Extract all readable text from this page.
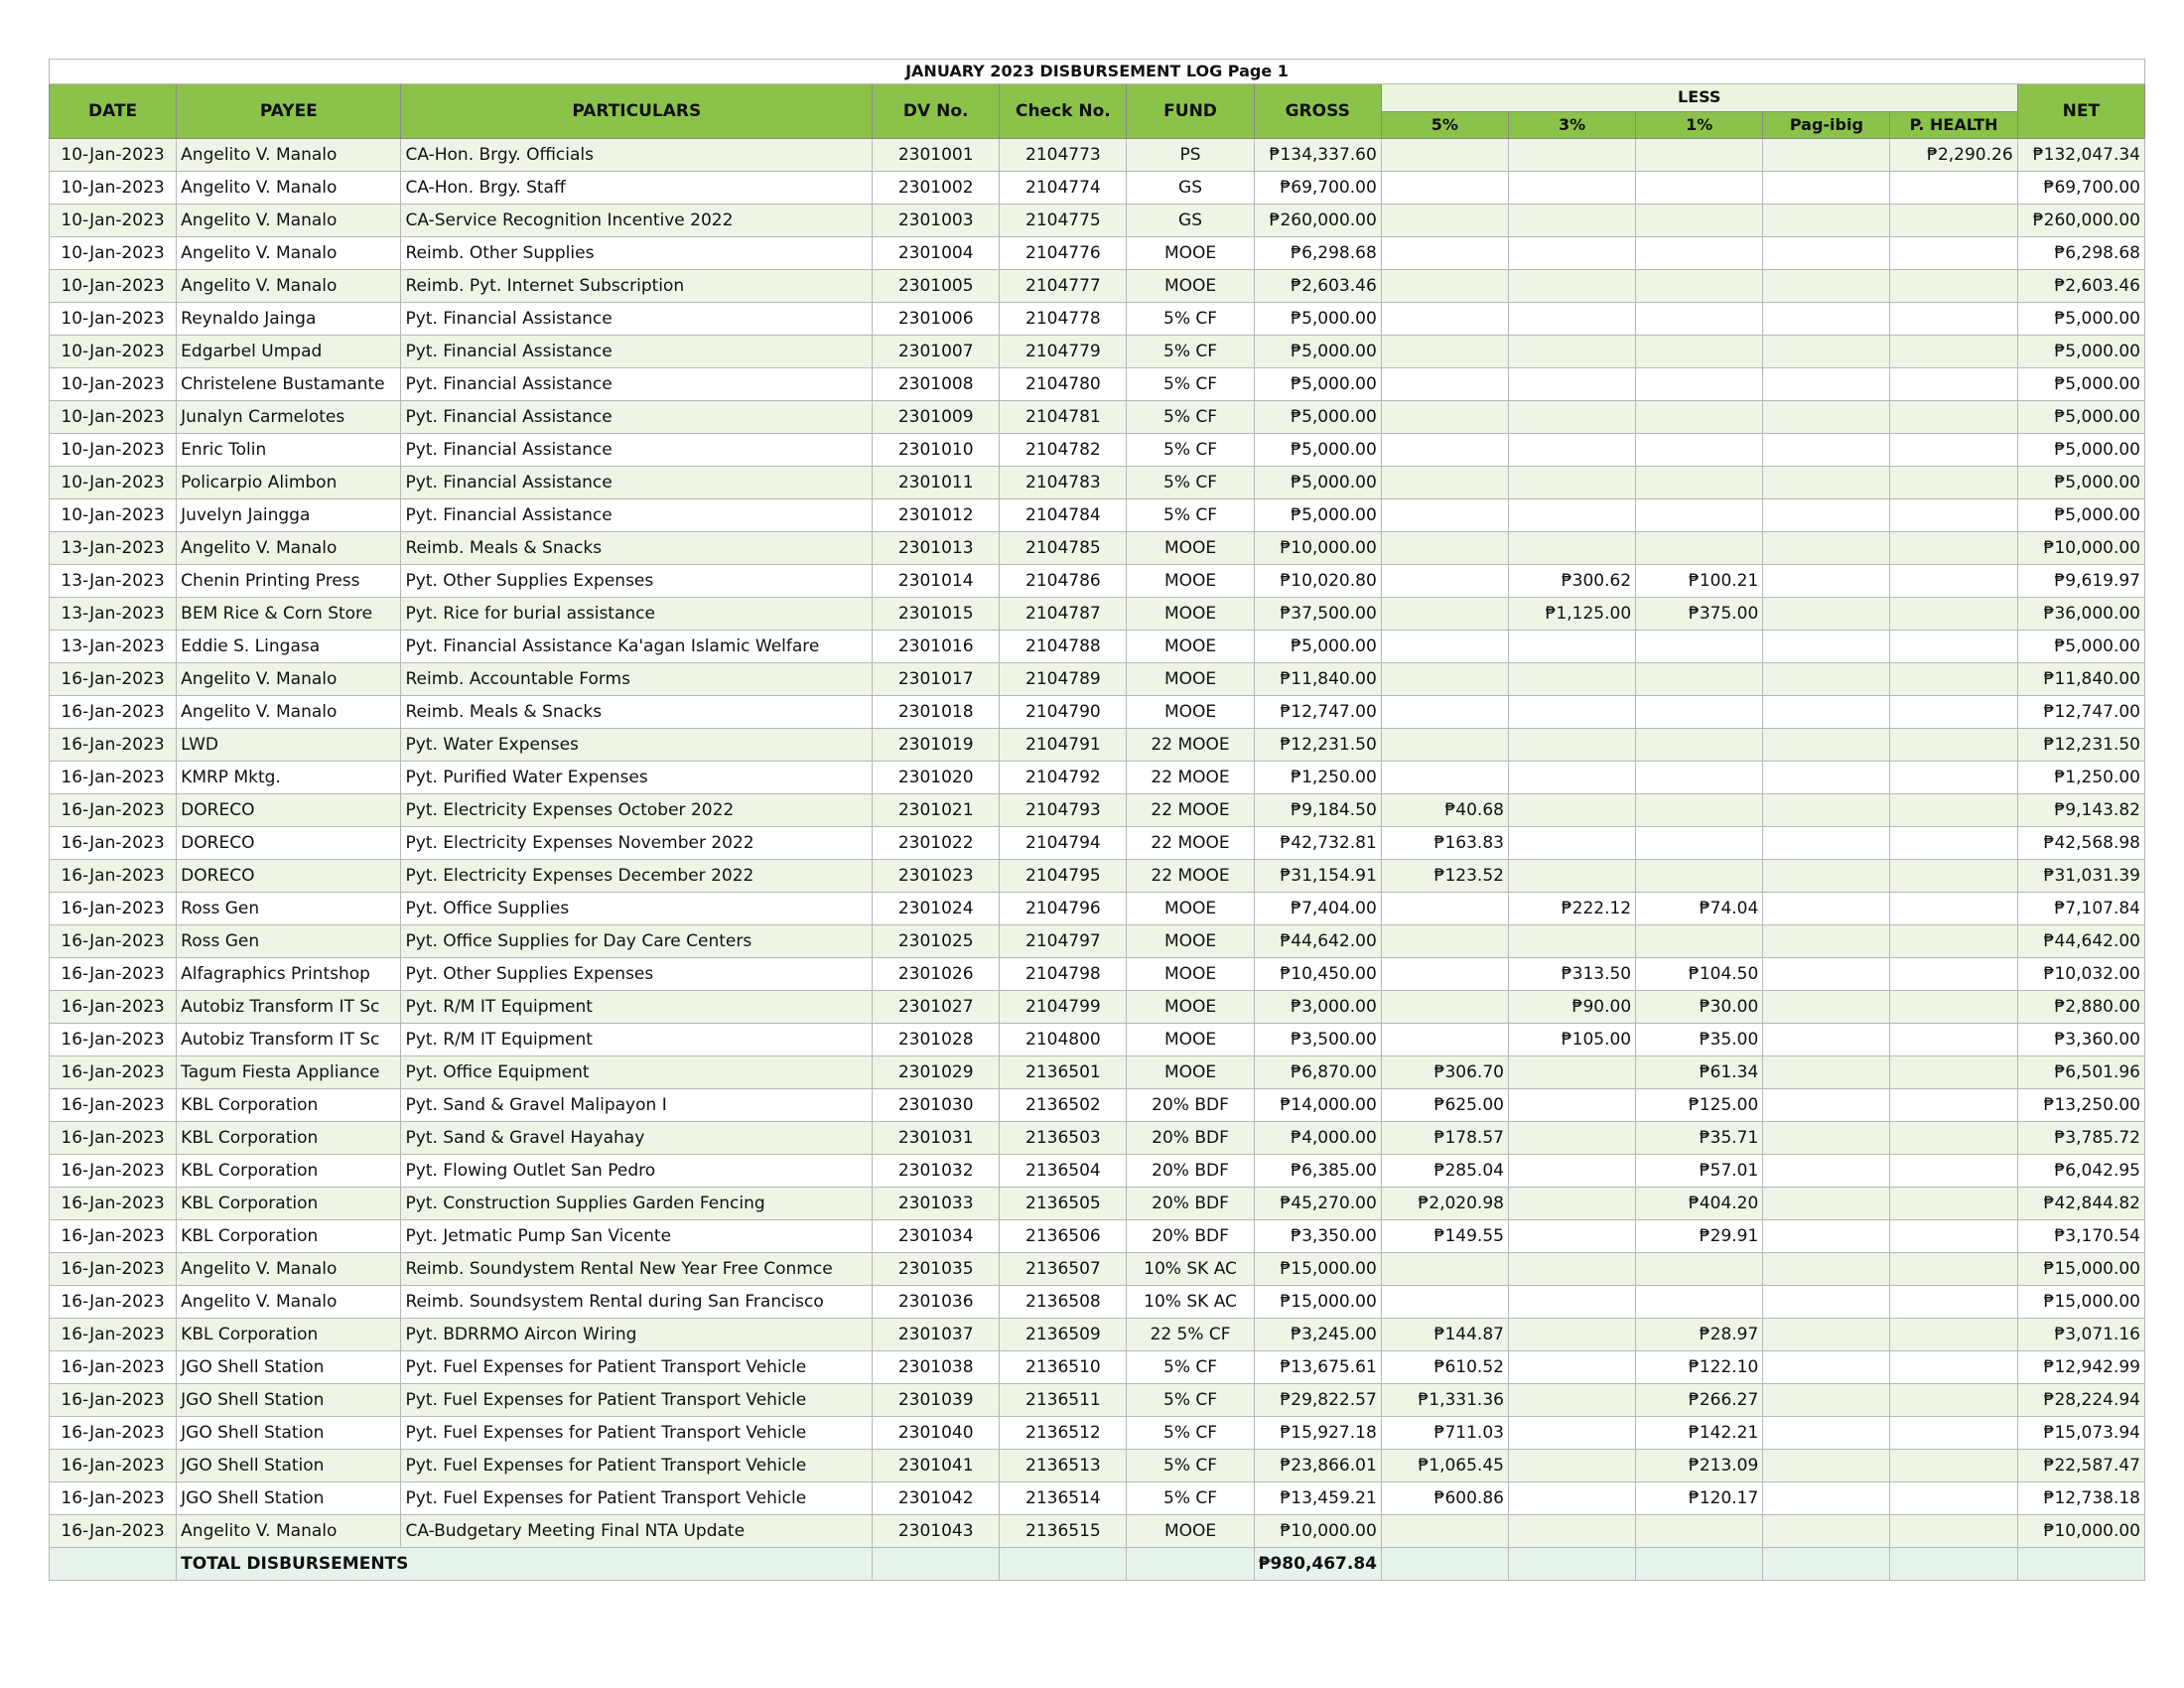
JANUARY 2023 DISBURSEMENT LOG Page 1												
DATE	PAYEE	PARTICULARS	DV No.	Check No.	FUND	GROSS	LESS					NET
							5%	3%	1%	Pag-ibig	P. HEALTH	
10-Jan-2023	Angelito V. Manalo	CA-Hon. Brgy. Officials	2301001	2104773	PS	₱134,337.60					₱2,290.26	₱132,047.34
10-Jan-2023	Angelito V. Manalo	CA-Hon. Brgy. Staff	2301002	2104774	GS	₱69,700.00						₱69,700.00
10-Jan-2023	Angelito V. Manalo	CA-Service Recognition Incentive 2022	2301003	2104775	GS	₱260,000.00						₱260,000.00
10-Jan-2023	Angelito V. Manalo	Reimb. Other Supplies	2301004	2104776	MOOE	₱6,298.68						₱6,298.68
10-Jan-2023	Angelito V. Manalo	Reimb. Pyt. Internet Subscription	2301005	2104777	MOOE	₱2,603.46						₱2,603.46
10-Jan-2023	Reynaldo Jainga	Pyt. Financial Assistance	2301006	2104778	5% CF	₱5,000.00						₱5,000.00
10-Jan-2023	Edgarbel Umpad	Pyt. Financial Assistance	2301007	2104779	5% CF	₱5,000.00						₱5,000.00
10-Jan-2023	Christelene Bustamante	Pyt. Financial Assistance	2301008	2104780	5% CF	₱5,000.00						₱5,000.00
10-Jan-2023	Junalyn Carmelotes	Pyt. Financial Assistance	2301009	2104781	5% CF	₱5,000.00						₱5,000.00
10-Jan-2023	Enric Tolin	Pyt. Financial Assistance	2301010	2104782	5% CF	₱5,000.00						₱5,000.00
10-Jan-2023	Policarpio Alimbon	Pyt. Financial Assistance	2301011	2104783	5% CF	₱5,000.00						₱5,000.00
10-Jan-2023	Juvelyn Jaingga	Pyt. Financial Assistance	2301012	2104784	5% CF	₱5,000.00						₱5,000.00
13-Jan-2023	Angelito V. Manalo	Reimb. Meals & Snacks	2301013	2104785	MOOE	₱10,000.00						₱10,000.00
13-Jan-2023	Chenin Printing Press	Pyt. Other Supplies Expenses	2301014	2104786	MOOE	₱10,020.80		₱300.62	₱100.21			₱9,619.97
13-Jan-2023	BEM Rice & Corn Store	Pyt. Rice for burial assistance	2301015	2104787	MOOE	₱37,500.00		₱1,125.00	₱375.00			₱36,000.00
13-Jan-2023	Eddie S. Lingasa	Pyt. Financial Assistance Ka'agan Islamic Welfare	2301016	2104788	MOOE	₱5,000.00						₱5,000.00
16-Jan-2023	Angelito V. Manalo	Reimb. Accountable Forms	2301017	2104789	MOOE	₱11,840.00						₱11,840.00
16-Jan-2023	Angelito V. Manalo	Reimb. Meals & Snacks	2301018	2104790	MOOE	₱12,747.00						₱12,747.00
16-Jan-2023	LWD	Pyt. Water Expenses	2301019	2104791	22 MOOE	₱12,231.50						₱12,231.50
16-Jan-2023	KMRP Mktg.	Pyt. Purified Water Expenses	2301020	2104792	22 MOOE	₱1,250.00						₱1,250.00
16-Jan-2023	DORECO	Pyt. Electricity Expenses October 2022	2301021	2104793	22 MOOE	₱9,184.50	₱40.68					₱9,143.82
16-Jan-2023	DORECO	Pyt. Electricity Expenses November 2022	2301022	2104794	22 MOOE	₱42,732.81	₱163.83					₱42,568.98
16-Jan-2023	DORECO	Pyt. Electricity Expenses December 2022	2301023	2104795	22 MOOE	₱31,154.91	₱123.52					₱31,031.39
16-Jan-2023	Ross Gen	Pyt. Office Supplies	2301024	2104796	MOOE	₱7,404.00		₱222.12	₱74.04			₱7,107.84
16-Jan-2023	Ross Gen	Pyt. Office Supplies for Day Care Centers	2301025	2104797	MOOE	₱44,642.00						₱44,642.00
16-Jan-2023	Alfagraphics Printshop	Pyt. Other Supplies Expenses	2301026	2104798	MOOE	₱10,450.00		₱313.50	₱104.50			₱10,032.00
16-Jan-2023	Autobiz Transform IT Sc	Pyt. R/M IT Equipment	2301027	2104799	MOOE	₱3,000.00		₱90.00	₱30.00			₱2,880.00
16-Jan-2023	Autobiz Transform IT Sc	Pyt. R/M IT Equipment	2301028	2104800	MOOE	₱3,500.00		₱105.00	₱35.00			₱3,360.00
16-Jan-2023	Tagum Fiesta Appliance	Pyt. Office Equipment	2301029	2136501	MOOE	₱6,870.00	₱306.70		₱61.34			₱6,501.96
16-Jan-2023	KBL Corporation	Pyt. Sand & Gravel Malipayon I	2301030	2136502	20% BDF	₱14,000.00	₱625.00		₱125.00			₱13,250.00
16-Jan-2023	KBL Corporation	Pyt. Sand & Gravel Hayahay	2301031	2136503	20% BDF	₱4,000.00	₱178.57		₱35.71			₱3,785.72
16-Jan-2023	KBL Corporation	Pyt. Flowing Outlet San Pedro	2301032	2136504	20% BDF	₱6,385.00	₱285.04		₱57.01			₱6,042.95
16-Jan-2023	KBL Corporation	Pyt. Construction Supplies Garden Fencing	2301033	2136505	20% BDF	₱45,270.00	₱2,020.98		₱404.20			₱42,844.82
16-Jan-2023	KBL Corporation	Pyt. Jetmatic Pump San Vicente	2301034	2136506	20% BDF	₱3,350.00	₱149.55		₱29.91			₱3,170.54
16-Jan-2023	Angelito V. Manalo	Reimb. Soundystem Rental New Year Free Conmce	2301035	2136507	10% SK AC	₱15,000.00						₱15,000.00
16-Jan-2023	Angelito V. Manalo	Reimb. Soundsystem Rental during San Francisco	2301036	2136508	10% SK AC	₱15,000.00						₱15,000.00
16-Jan-2023	KBL Corporation	Pyt. BDRRMO Aircon Wiring	2301037	2136509	22 5% CF	₱3,245.00	₱144.87		₱28.97			₱3,071.16
16-Jan-2023	JGO Shell Station	Pyt. Fuel Expenses for Patient Transport Vehicle	2301038	2136510	5% CF	₱13,675.61	₱610.52		₱122.10			₱12,942.99
16-Jan-2023	JGO Shell Station	Pyt. Fuel Expenses for Patient Transport Vehicle	2301039	2136511	5% CF	₱29,822.57	₱1,331.36		₱266.27			₱28,224.94
16-Jan-2023	JGO Shell Station	Pyt. Fuel Expenses for Patient Transport Vehicle	2301040	2136512	5% CF	₱15,927.18	₱711.03		₱142.21			₱15,073.94
16-Jan-2023	JGO Shell Station	Pyt. Fuel Expenses for Patient Transport Vehicle	2301041	2136513	5% CF	₱23,866.01	₱1,065.45		₱213.09			₱22,587.47
16-Jan-2023	JGO Shell Station	Pyt. Fuel Expenses for Patient Transport Vehicle	2301042	2136514	5% CF	₱13,459.21	₱600.86		₱120.17			₱12,738.18
16-Jan-2023	Angelito V. Manalo	CA-Budgetary Meeting Final NTA Update	2301043	2136515	MOOE	₱10,000.00						₱10,000.00
	TOTAL DISBURSEMENTS					₱980,467.84						
